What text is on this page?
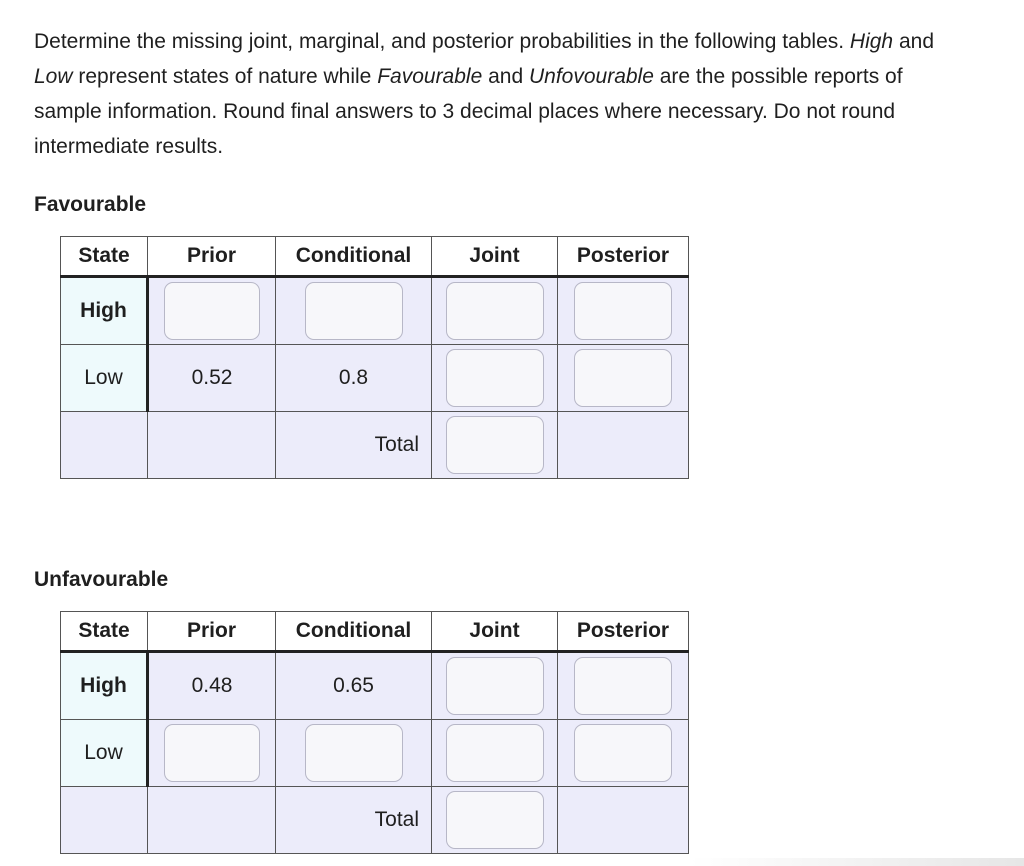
Determine the missing joint, marginal, and posterior probabilities in the following tables. High and Low represent states of nature while Favourable and Unfovourable are the possible reports of sample information. Round final answers to 3 decimal places where necessary. Do not round intermediate results.

Favourable
State	Prior	Conditional	Joint	Posterior
High				
Low	0.52	0.8		
		Total		
Unfavourable
State	Prior	Conditional	Joint	Posterior
High	0.48	0.65		
Low				
		Total		
